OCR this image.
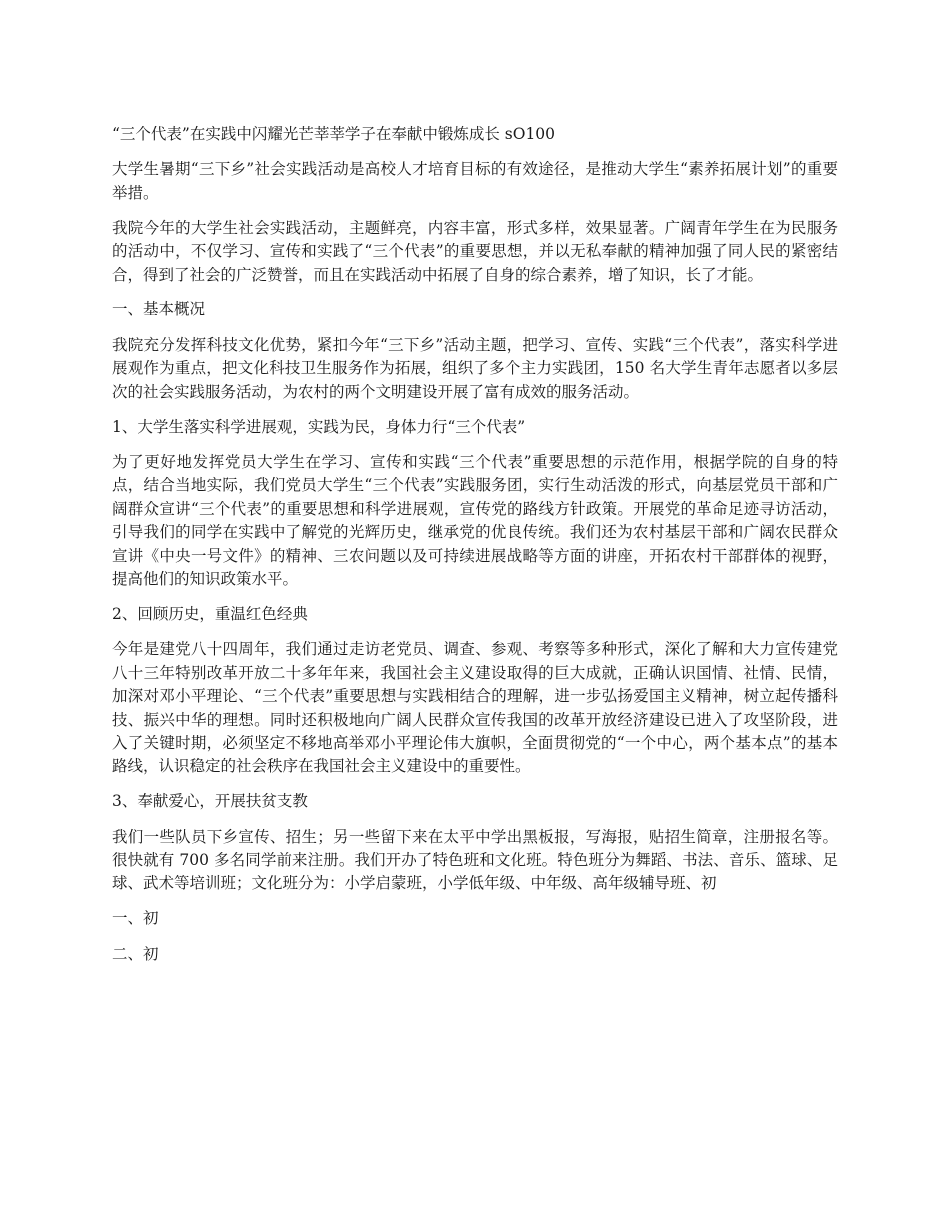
“三个代表”在实践中闪耀光芒莘莘学子在奉献中锻炼成长 sO100

大学生暑期“三下乡”社会实践活动是高校人才培育目标的有效途径，是推动大学生“素养拓展计划”的重要举措。

我院今年的大学生社会实践活动，主题鲜亮，内容丰富，形式多样，效果显著。广阔青年学生在为民服务的活动中，不仅学习、宣传和实践了“三个代表”的重要思想，并以无私奉献的精神加强了同人民的紧密结合，得到了社会的广泛赞誉，而且在实践活动中拓展了自身的综合素养，增了知识，长了才能。

一、基本概况

我院充分发挥科技文化优势，紧扣今年“三下乡”活动主题，把学习、宣传、实践“三个代表”，落实科学进展观作为重点，把文化科技卫生服务作为拓展，组织了多个主力实践团，150 名大学生青年志愿者以多层次的社会实践服务活动，为农村的两个文明建设开展了富有成效的服务活动。

1、大学生落实科学进展观，实践为民，身体力行“三个代表”

为了更好地发挥党员大学生在学习、宣传和实践“三个代表”重要思想的示范作用，根据学院的自身的特点，结合当地实际，我们党员大学生“三个代表”实践服务团，实行生动活泼的形式，向基层党员干部和广阔群众宣讲“三个代表”的重要思想和科学进展观，宣传党的路线方针政策。开展党的革命足迹寻访活动，引导我们的同学在实践中了解党的光辉历史，继承党的优良传统。我们还为农村基层干部和广阔农民群众宣讲《中央一号文件》的精神、三农问题以及可持续进展战略等方面的讲座，开拓农村干部群体的视野，提高他们的知识政策水平。

2、回顾历史，重温红色经典

今年是建党八十四周年，我们通过走访老党员、调查、参观、考察等多种形式，深化了解和大力宣传建党八十三年特别改革开放二十多年年来，我国社会主义建设取得的巨大成就，正确认识国情、社情、民情，加深对邓小平理论、“三个代表”重要思想与实践相结合的理解，进一步弘扬爱国主义精神，树立起传播科技、振兴中华的理想。同时还积极地向广阔人民群众宣传我国的改革开放经济建设已进入了攻坚阶段，进入了关键时期，必须坚定不移地高举邓小平理论伟大旗帜，全面贯彻党的“一个中心，两个基本点”的基本路线，认识稳定的社会秩序在我国社会主义建设中的重要性。

3、奉献爱心，开展扶贫支教

我们一些队员下乡宣传、招生；另一些留下来在太平中学出黑板报，写海报，贴招生简章，注册报名等。很快就有 700 多名同学前来注册。我们开办了特色班和文化班。特色班分为舞蹈、书法、音乐、篮球、足球、武术等培训班；文化班分为：小学启蒙班，小学低年级、中年级、高年级辅导班、初

一、初

二、初
